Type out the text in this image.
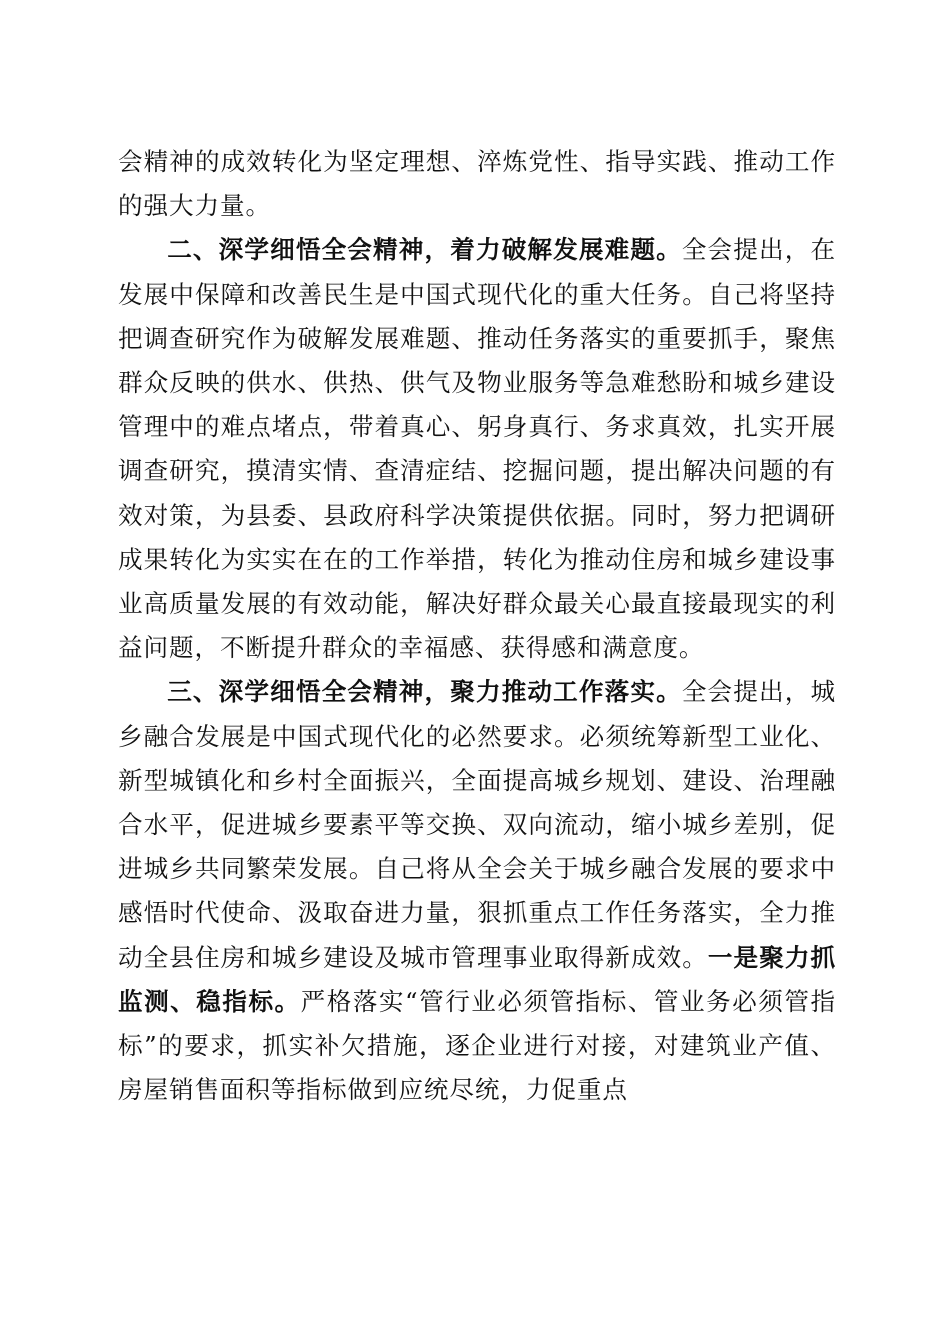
会精神的成效转化为坚定理想、淬炼党性、指导实践、推动工作的强大力量。

二、深学细悟全会精神，着力破解发展难题。全会提出，在发展中保障和改善民生是中国式现代化的重大任务。自己将坚持把调查研究作为破解发展难题、推动任务落实的重要抓手，聚焦群众反映的供水、供热、供气及物业服务等急难愁盼和城乡建设管理中的难点堵点，带着真心、躬身真行、务求真效，扎实开展调查研究，摸清实情、查清症结、挖掘问题，提出解决问题的有效对策，为县委、县政府科学决策提供依据。同时，努力把调研成果转化为实实在在的工作举措，转化为推动住房和城乡建设事业高质量发展的有效动能，解决好群众最关心最直接最现实的利益问题，不断提升群众的幸福感、获得感和满意度。

三、深学细悟全会精神，聚力推动工作落实。全会提出，城乡融合发展是中国式现代化的必然要求。必须统筹新型工业化、新型城镇化和乡村全面振兴，全面提高城乡规划、建设、治理融合水平，促进城乡要素平等交换、双向流动，缩小城乡差别，促进城乡共同繁荣发展。自己将从全会关于城乡融合发展的要求中感悟时代使命、汲取奋进力量，狠抓重点工作任务落实，全力推动全县住房和城乡建设及城市管理事业取得新成效。一是聚力抓监测、稳指标。严格落实“管行业必须管指标、管业务必须管指标”的要求，抓实补欠措施，逐企业进行对接，对建筑业产值、房屋销售面积等指标做到应统尽统，力促重点
